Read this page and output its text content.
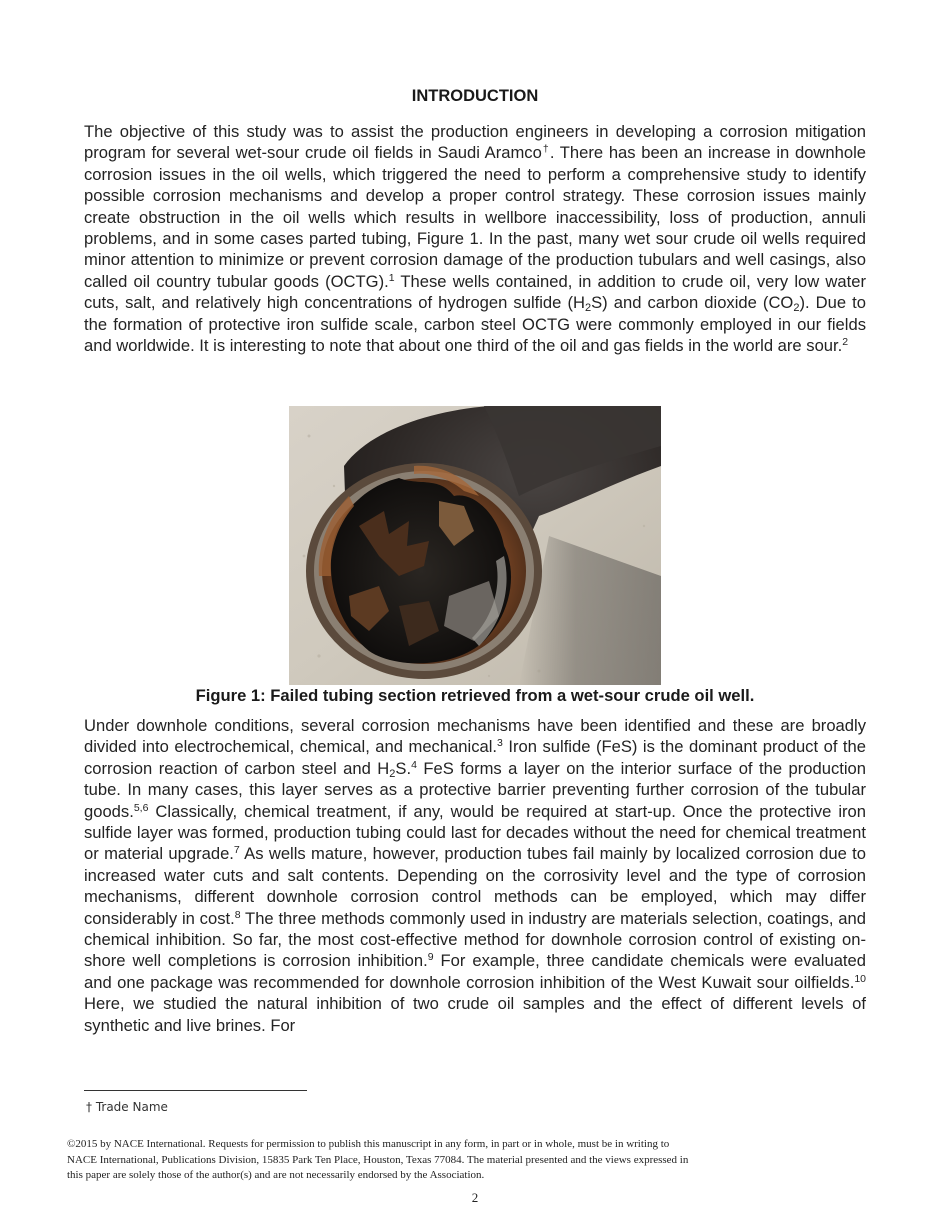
INTRODUCTION

The objective of this study was to assist the production engineers in developing a corrosion mitigation program for several wet-sour crude oil fields in Saudi Aramco†. There has been an increase in downhole corrosion issues in the oil wells, which triggered the need to perform a comprehensive study to identify possible corrosion mechanisms and develop a proper control strategy. These corrosion issues mainly create obstruction in the oil wells which results in wellbore inaccessibility, loss of production, annuli problems, and in some cases parted tubing, Figure 1. In the past, many wet sour crude oil wells required minor attention to minimize or prevent corrosion damage of the production tubulars and well casings, also called oil country tubular goods (OCTG).$^1$ These wells contained, in addition to crude oil, very low water cuts, salt, and relatively high concentrations of hydrogen sulfide $(H_2S)$ and carbon dioxide $(CO_2)$. Due to the formation of protective iron sulfide scale, carbon steel OCTG were commonly employed in our fields and worldwide. It is interesting to note that about one third of the oil and gas fields in the world are sour.$^2$

Figure 1: Failed tubing section retrieved from a wet-sour crude oil well.

Under downhole conditions, several corrosion mechanisms have been identified and these are broadly divided into electrochemical, chemical, and mechanical.$^3$ Iron sulfide (FeS) is the dominant product of the corrosion reaction of carbon steel and $H_2S.^4$ FeS forms a layer on the interior surface of the production tube. In many cases, this layer serves as a protective barrier preventing further corrosion of the tubular goods.$^{5,6}$ Classically, chemical treatment, if any, would be required at start-up. Once the protective iron sulfide layer was formed, production tubing could last for decades without the need for chemical treatment or material upgrade.$^7$ As wells mature, however, production tubes fail mainly by localized corrosion due to increased water cuts and salt contents. Depending on the corrosivity level and the type of corrosion mechanisms, different downhole corrosion control methods can be employed, which may differ considerably in cost.$^8$ The three methods commonly used in industry are materials selection, coatings, and chemical inhibition. So far, the most cost-effective method for downhole corrosion control of existing on-shore well completions is corrosion inhibition.$^9$ For example, three candidate chemicals were evaluated and one package was recommended for downhole corrosion inhibition of the West Kuwait sour oilfields.$^{10}$ Here, we studied the natural inhibition of two crude oil samples and the effect of different levels of synthetic and live brines. For

† Trade Name
©2015 by NACE International. Requests for permission to publish this manuscript in any form, in part or in whole, must be in writing to
NACE International, Publications Division, 15835 Park Ten Place, Houston, Texas 77084. The material presented and the views expressed in
this paper are solely those of the author(s) and are not necessarily endorsed by the Association.
2
